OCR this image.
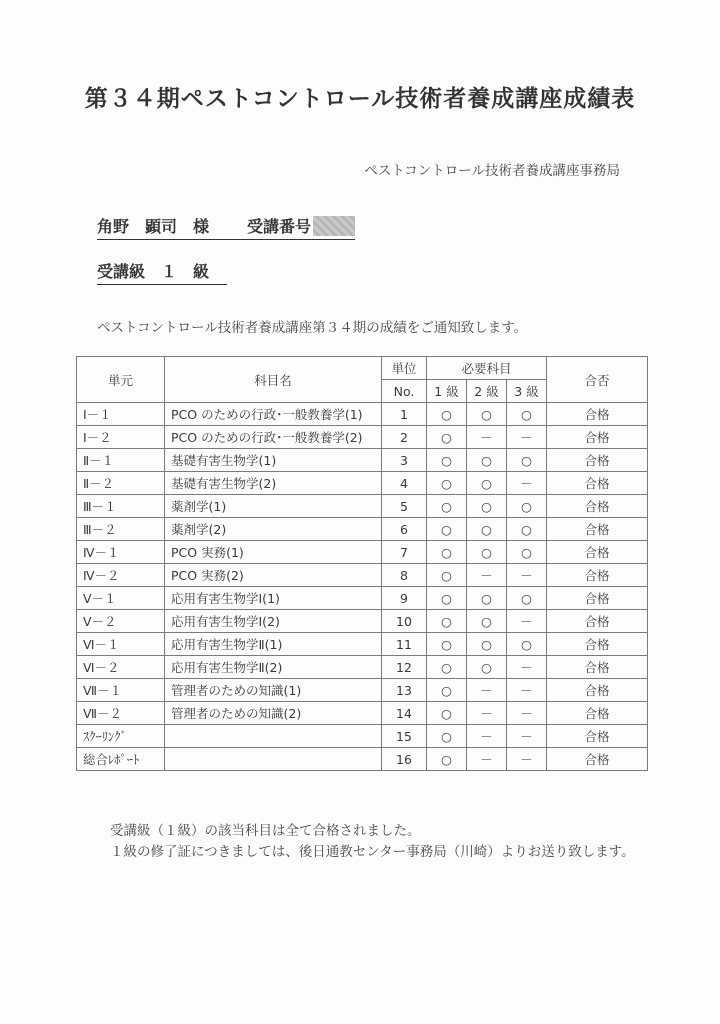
第３４期ペストコントロール技術者養成講座成績表
ペストコントロール技術者養成講座事務局
角野　顕司　様 受講番号
受講級　１　級
ペストコントロール技術者養成講座第３４期の成績をご通知致します。
単元	科目名	単位	必要科目			合否
		No.	1 級	2 級	3 級	
Ⅰ－１	PCO のための行政･一般教養学(1)	1	○	○	○	合格
Ⅰ－２	PCO のための行政･一般教養学(2)	2	○	－	－	合格
Ⅱ－１	基礎有害生物学(1)	3	○	○	○	合格
Ⅱ－２	基礎有害生物学(2)	4	○	○	－	合格
Ⅲ－１	薬剤学(1)	5	○	○	○	合格
Ⅲ－２	薬剤学(2)	6	○	○	○	合格
Ⅳ－１	PCO 実務(1)	7	○	○	○	合格
Ⅳ－２	PCO 実務(2)	8	○	－	－	合格
Ⅴ－１	応用有害生物学Ⅰ(1)	9	○	○	○	合格
Ⅴ－２	応用有害生物学Ⅰ(2)	10	○	○	－	合格
Ⅵ－１	応用有害生物学Ⅱ(1)	11	○	○	○	合格
Ⅵ－２	応用有害生物学Ⅱ(2)	12	○	○	－	合格
Ⅶ－１	管理者のための知識(1)	13	○	－	－	合格
Ⅶ－２	管理者のための知識(2)	14	○	－	－	合格
ｽｸｰﾘﾝｸﾞ		15	○	－	－	合格
総合ﾚﾎﾟｰﾄ		16	○	－	－	合格
受講級（１級）の該当科目は全て合格されました。
１級の修了証につきましては、後日通教センター事務局（川崎）よりお送り致します。
